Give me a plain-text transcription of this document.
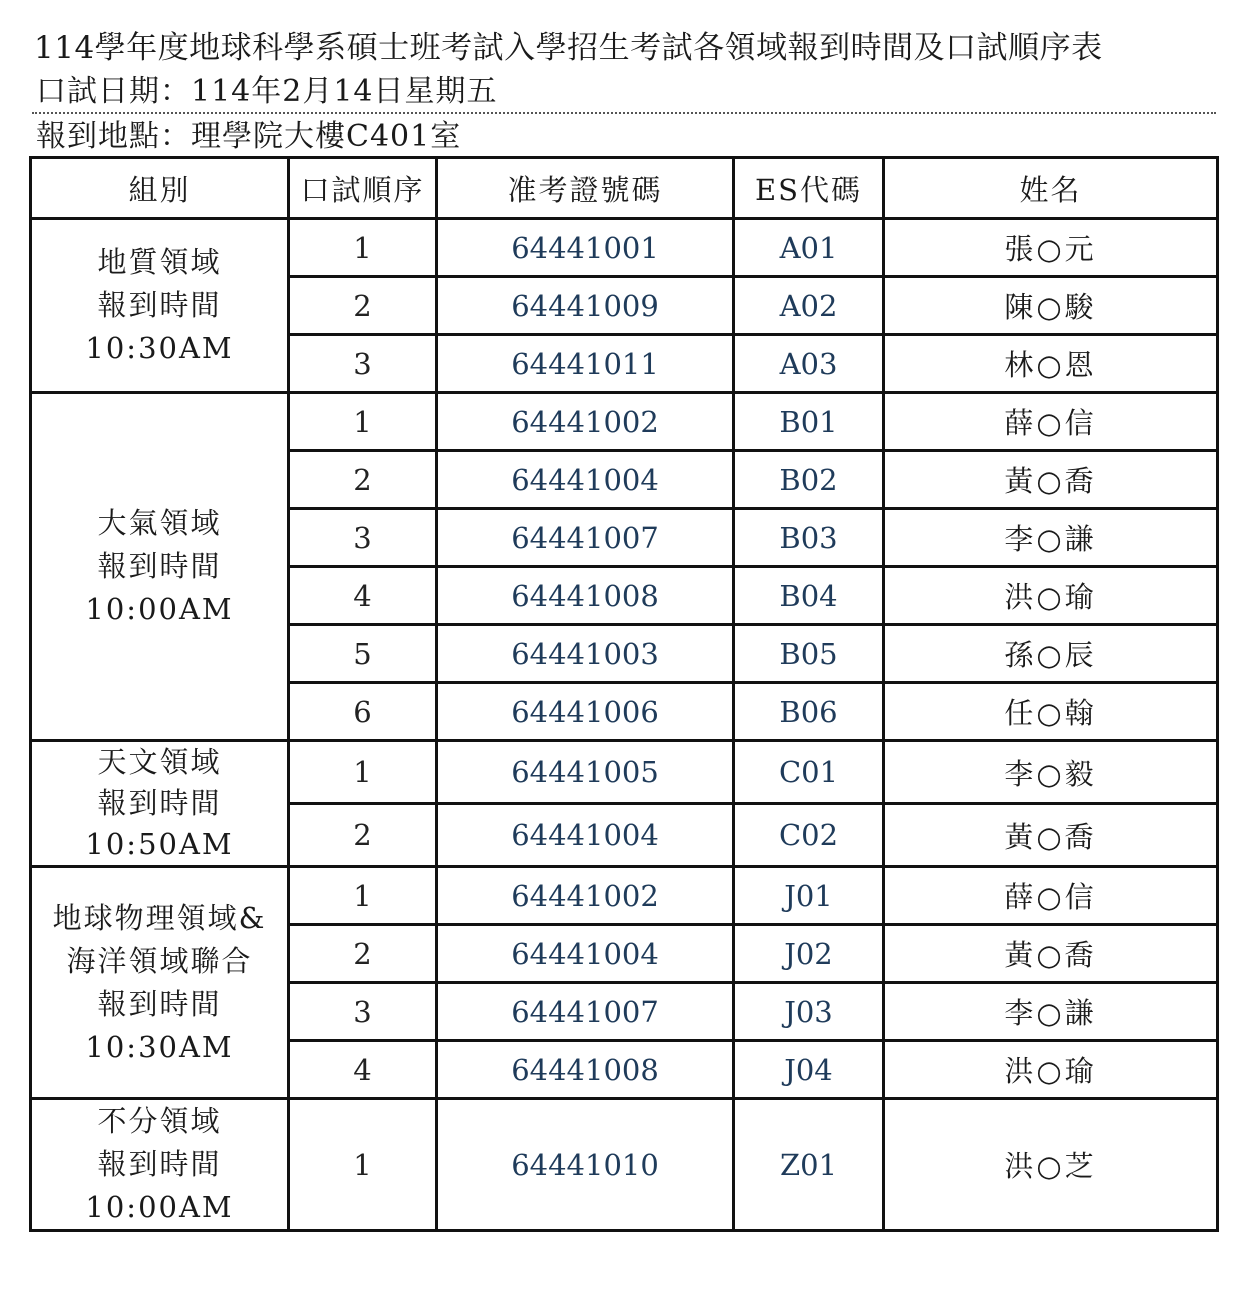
114學年度地球科學系碩士班考試入學招生考試各領域報到時間及口試順序表
口試日期：114年2月14日星期五
報到地點：理學院大樓C401室
組別	口試順序	准考證號碼	ES代碼	姓名

地質領域
報到時間
10:30AM	1	64441001	A01	張○元
	2	64441009	A02	陳○駿
	3	64441011	A03	林○恩

大氣領域
報到時間
10:00AM	1	64441002	B01	薛○信
	2	64441004	B02	黃○喬
	3	64441007	B03	李○謙
	4	64441008	B04	洪○瑜
	5	64441003	B05	孫○辰
	6	64441006	B06	任○翰

天文領域
報到時間
10:50AM	1	64441005	C01	李○毅
	2	64441004	C02	黃○喬

地球物理領域&
海洋領域聯合
報到時間
10:30AM	1	64441002	J01	薛○信
	2	64441004	J02	黃○喬
	3	64441007	J03	李○謙
	4	64441008	J04	洪○瑜

不分領域
報到時間
10:00AM	1	64441010	Z01	洪○芝
